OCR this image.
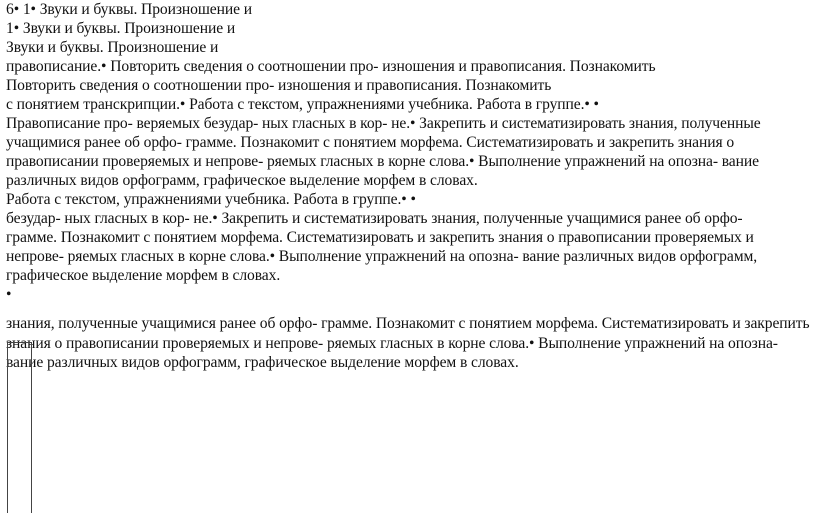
6• 1• Звуки и буквы. Произношение и
1• Звуки и буквы. Произношение и
Звуки и буквы. Произношение и
правописание.• Повторить сведения о соотношении про- изношения и правописания. Познакомить
Повторить сведения о соотношении про- изношения и правописания. Познакомить
с понятием транскрипции.• Работа с текстом, упражнениями учебника. Работа в группе.• •
Правописание про- веряемых безудар- ных гласных в кор- не.• Закрепить и систематизировать знания, полученные
учащимися ранее об орфо- грамме. Познакомит с понятием морфема. Систематизировать и закрепить знания о
правописании проверяемых и непрове- ряемых гласных в корне слова.• Выполнение упражнений на опозна- вание
различных видов орфограмм, графическое выделение морфем в словах.
Работа с текстом, упражнениями учебника. Работа в группе.• •
безудар- ных гласных в кор- не.• Закрепить и систематизировать знания, полученные учащимися ранее об орфо-
грамме. Познакомит с понятием морфема. Систематизировать и закрепить знания о правописании проверяемых и
непрове- ряемых гласных в корне слова.• Выполнение упражнений на опозна- вание различных видов орфограмм,
графическое выделение морфем в словах.
•
знания, полученные учащимися ранее об орфо- грамме. Познакомит с понятием морфема. Систематизировать и закрепить знания о правописании проверяемых и непрове- ряемых гласных в корне слова.• Выполнение упражнений на опозна- вание различных видов орфограмм, графическое выделение морфем в словах.
